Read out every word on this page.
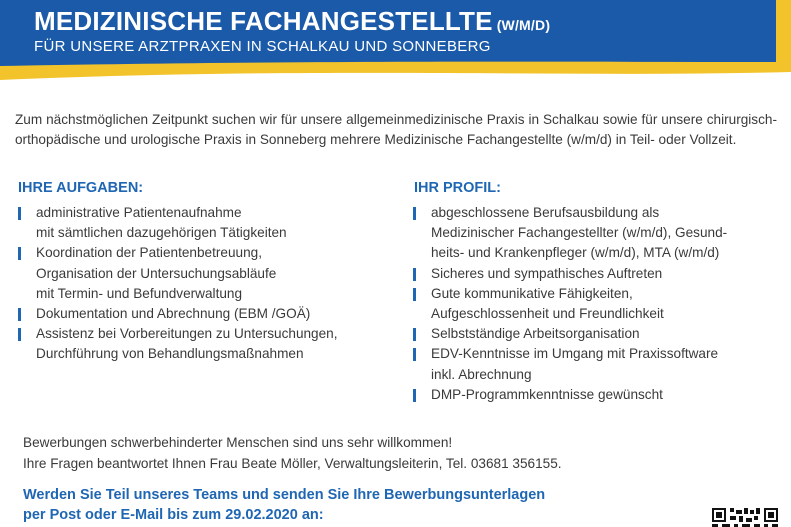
MEDIZINISCHE FACHANGESTELLTE (W/M/D)
FÜR UNSERE ARZTPRAXEN IN SCHALKAU UND SONNEBERG
Zum nächstmöglichen Zeitpunkt suchen wir für unsere allgemeinmedizinische Praxis in Schalkau sowie für unsere chirurgisch-orthopädische und urologische Praxis in Sonneberg mehrere Medizinische Fachangestellte (w/m/d) in Teil- oder Vollzeit.
IHRE AUFGABEN:
administrative Patientenaufnahme
mit sämtlichen dazugehörigen Tätigkeiten
Koordination der Patientenbetreuung,
Organisation der Untersuchungsabläufe
mit Termin- und Befundverwaltung
Dokumentation und Abrechnung (EBM /GOÄ)
Assistenz bei Vorbereitungen zu Untersuchungen,
Durchführung von Behandlungsmaßnahmen
IHR PROFIL:
abgeschlossene Berufsausbildung als
Medizinischer Fachangestellter (w/m/d), Gesund-
heits- und Krankenpfleger (w/m/d), MTA (w/m/d)
Sicheres und sympathisches Auftreten
Gute kommunikative Fähigkeiten,
Aufgeschlossenheit und Freundlichkeit
Selbstständige Arbeitsorganisation
EDV-Kenntnisse im Umgang mit Praxissoftware
inkl. Abrechnung
DMP-Programmkenntnisse gewünscht
Bewerbungen schwerbehinderter Menschen sind uns sehr willkommen!
Ihre Fragen beantwortet Ihnen Frau Beate Möller, Verwaltungsleiterin, Tel. 03681 356155.
Werden Sie Teil unseres Teams und senden Sie Ihre Bewerbungsunterlagen
per Post oder E-Mail bis zum 29.02.2020 an:
